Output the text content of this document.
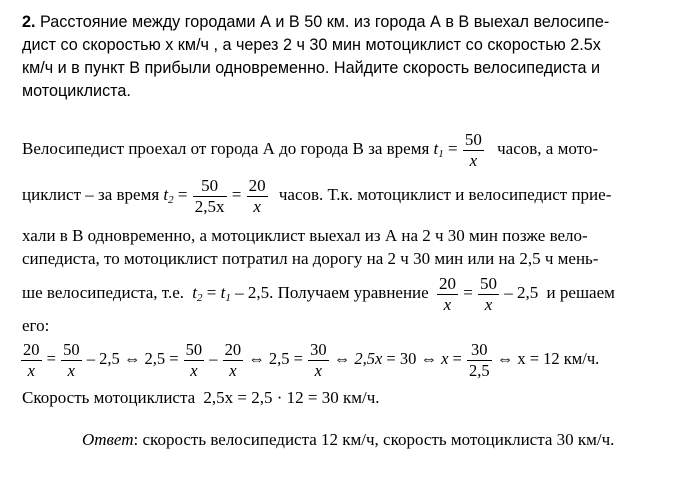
2. Расстояние между городами А и В 50 км. из города А в В выехал велосипе-
дист со скоростью x км/ч , а через 2 ч 30 мин мотоциклист со скоростью 2.5х
км/ч и в пункт В прибыли одновременно. Найдите скорость велосипедиста и
мотоциклиста.
Велосипедист проехал от города А до города В за время $t_1 = \frac{50}{x}$ часов, а мото-
циклист – за время $t_2 = \frac{50}{2,5x} = \frac{20}{x}$ часов. Т.к. мотоциклист и велосипедист прие-
хали в В одновременно, а мотоциклист выехал из А на 2 ч 30 мин позже вело-
сипедиста, то мотоциклист потратил на дорогу на 2 ч 30 мин или на 2,5 ч мень-
ше велосипедиста, т.е. $t_2 = t_1 - 2,5$. Получаем уравнение $\frac{20}{x} = \frac{50}{x} - 2,5$ и решаем
его:
$\frac{20}{x} = \frac{50}{x} - 2,5$ ⇔ $2,5 = \frac{50}{x} - \frac{20}{x}$ ⇔ $2,5 = \frac{30}{x}$ ⇔ 2,5x = 30 ⇔ $x = \frac{30}{2,5}$ ⇔ x = 12 км/ч.
Скорость мотоциклиста 2,5x = 2,5 · 12 = 30 км/ч.
Ответ: скорость велосипедиста 12 км/ч, скорость мотоциклиста 30 км/ч.
